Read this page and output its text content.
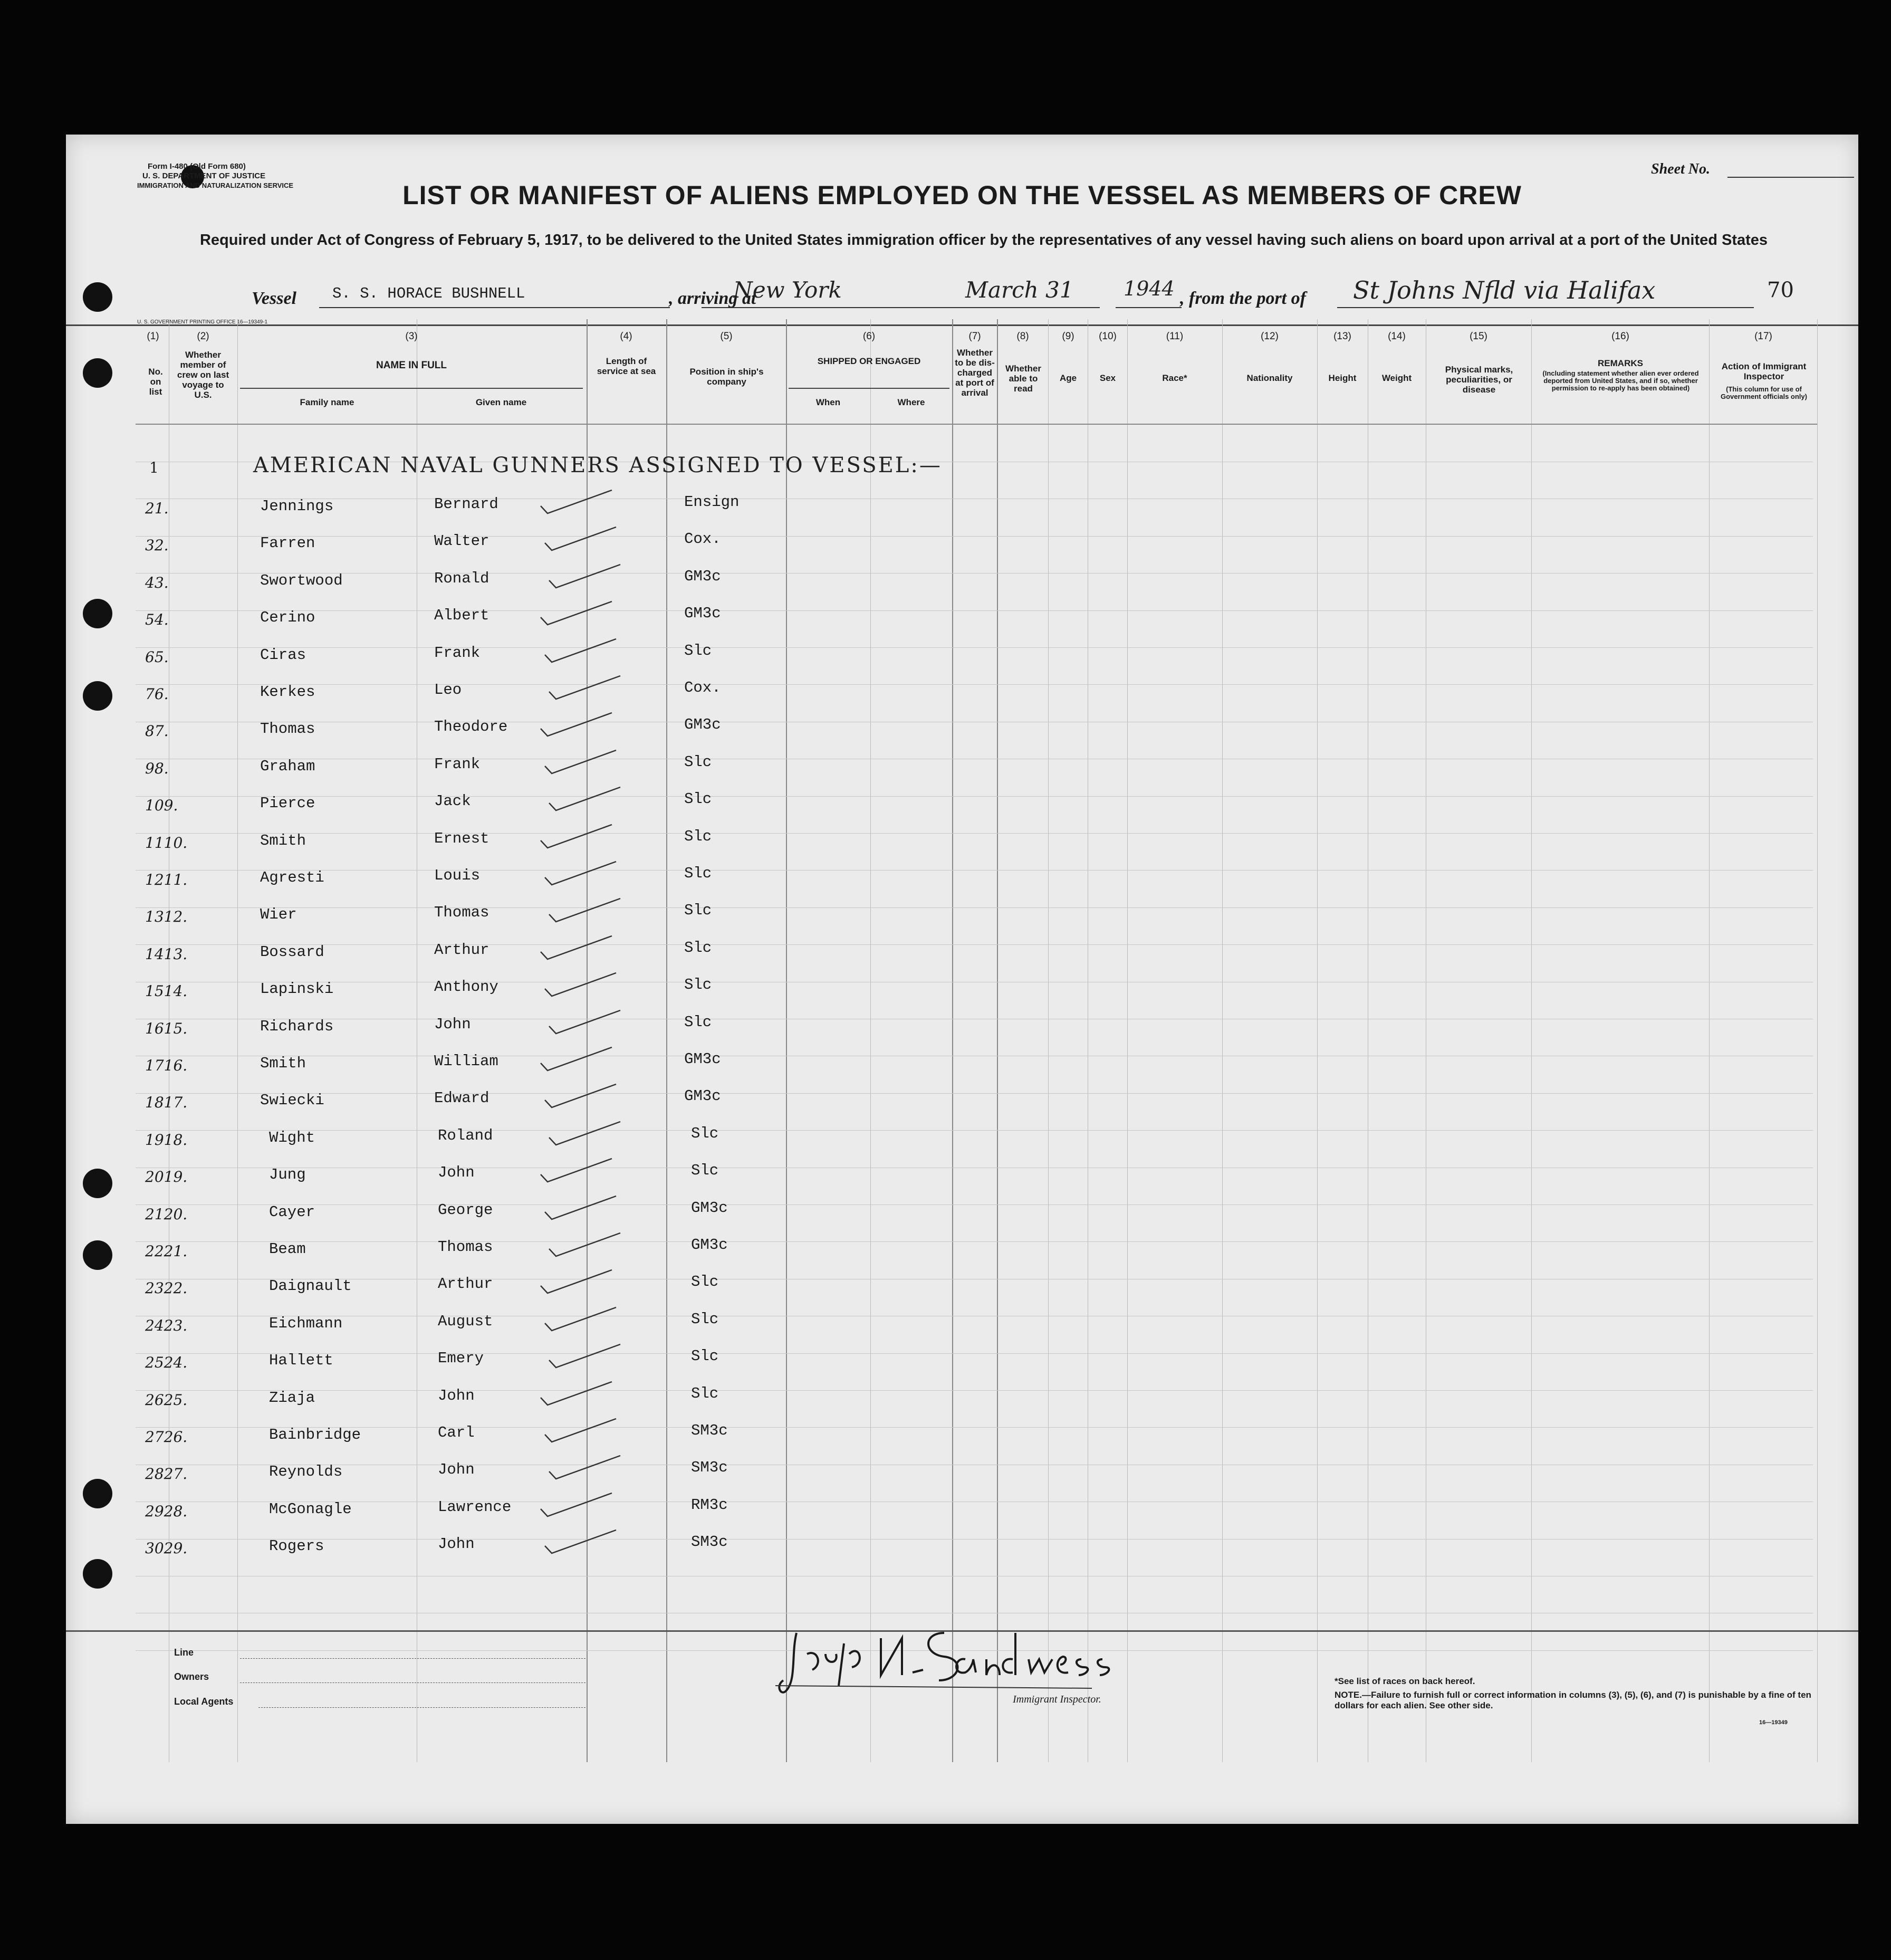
Form I-480 (Old Form 680)
U. S. DEPARTMENT OF JUSTICE
IMMIGRATION AND NATURALIZATION SERVICE
Sheet No.
LIST OR MANIFEST OF ALIENS EMPLOYED ON THE VESSEL AS MEMBERS OF CREW
Required under Act of Congress of February 5, 1917, to be delivered to the United States immigration officer by the representatives of any vessel having such aliens on board upon arrival at a port of the United States
Vessel S. S. HORACE BUSHNELL	, arriving at
New York	March 31 1944 , from the port of St Johns Nfld via Halifax	70
U. S. GOVERNMENT PRINTING OFFICE 16—19349-1
(1)	(2)	(3)	(4)	(5)	(6)	(7)	(8)	(9)	(10)	(11)	(12)	(13)	(14)	(15)	(16)	(17)
No. on list
Whether member of crew on last voyage to U.S.
NAME IN FULL
Family name	Given name
Length of service at sea	Position in ship's company
SHIPPED OR ENGAGED
When	Where
Whether to be dis-charged at port of arrival
Whether able to read
Age	Sex	Race*	Nationality	Height	Weight
Physical marks, peculiarities, or disease
REMARKS
(Including statement whether alien ever ordered deported from United States, and if so, whether permission to re-apply has been obtained)
Action of Immigrant Inspector
(This column for use of Government officials only)
1	AMERICAN NAVAL GUNNERS ASSIGNED TO VESSEL:—
21.	Jennings	Bernard	Ensign
32.	Farren	Walter	Cox.
43.	Swortwood	Ronald	GM3c
54.	Cerino	Albert	GM3c
65.	Ciras	Frank	Slc
76.	Kerkes	Leo	Cox.
87.	Thomas	Theodore	GM3c
98.	Graham	Frank	Slc
109.	Pierce	Jack	Slc
1110.	Smith	Ernest	Slc
1211.	Agresti	Louis	Slc
1312.	Wier	Thomas	Slc
1413.	Bossard	Arthur	Slc
1514.	Lapinski	Anthony	Slc
1615.	Richards	John	Slc
1716.	Smith	William	GM3c
1817.	Swiecki	Edward	GM3c
1918.	Wight	Roland	Slc
2019.	Jung	John	Slc
2120.	Cayer	George	GM3c
2221.	Beam	Thomas	GM3c
2322.	Daignault	Arthur	Slc
2423.	Eichmann	August	Slc
2524.	Hallett	Emery	Slc
2625.	Ziaja	John	Slc
2726.	Bainbridge	Carl	SM3c
2827.	Reynolds	John	SM3c
2928.	McGonagle	Lawrence	RM3c
3029.	Rogers	John	SM3c
Line
Owners
Local Agents	Immigrant Inspector.
*See list of races on back hereof.
NOTE.—Failure to furnish full or correct information in columns (3), (5), (6), and (7) is punishable by a fine of ten dollars for each alien. See other side.
16—19349
